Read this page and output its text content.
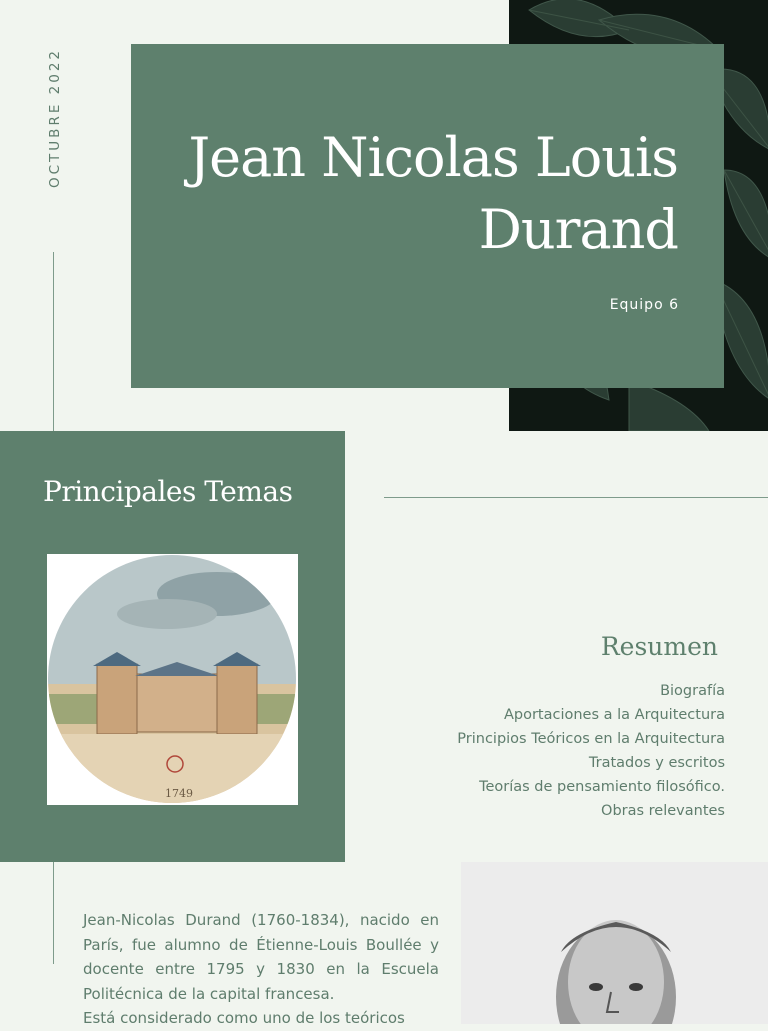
OCTUBRE 2022 Jean Nicolas Louis
Durand
Equipo 6
Principales Temas
1749
Resumen
Biografía
Aportaciones a la Arquitectura
Principios Teóricos en la Arquitectura
Tratados y escritos
Teorías de pensamiento filosófico.
Obras relevantes

Jean-Nicolas Durand (1760-1834), nacido en París, fue alumno de Étienne-Louis Boullée y docente entre 1795 y 1830 en la Escuela Politécnica de la capital francesa.
Está considerado como uno de los teóricos
